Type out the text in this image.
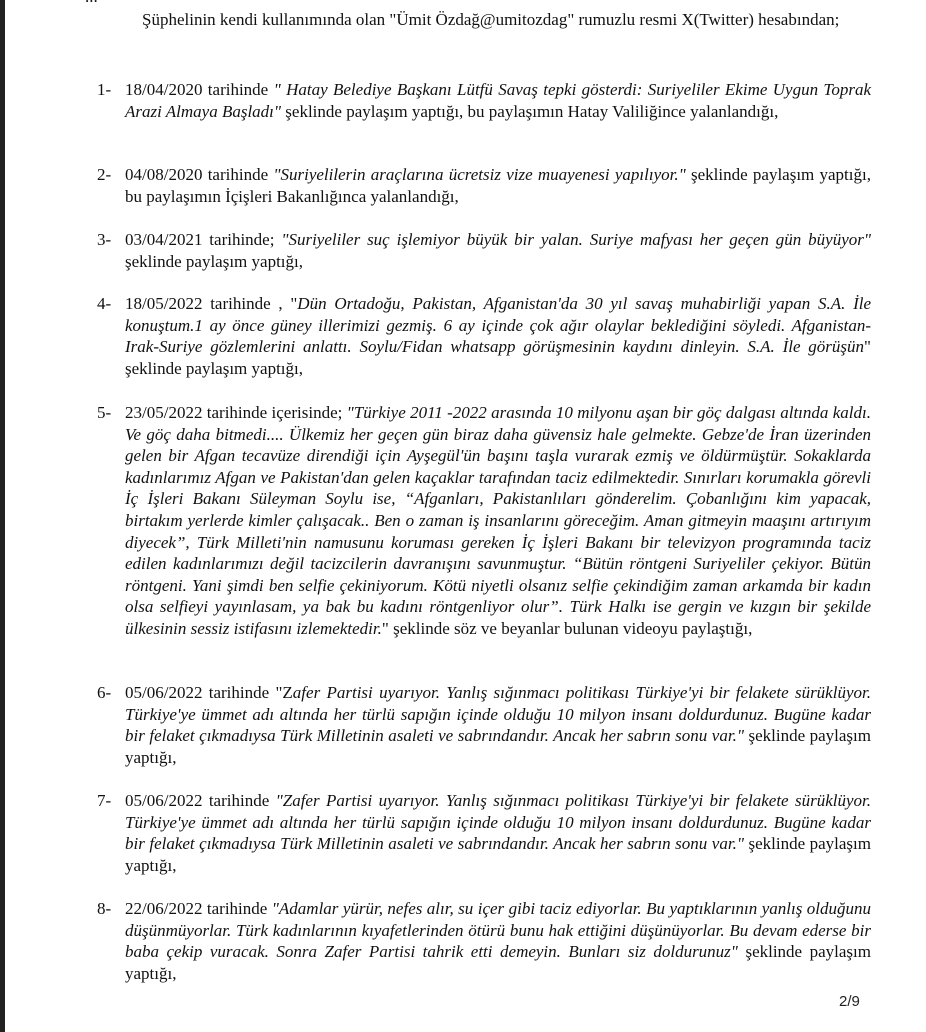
Şüphelinin kendi kullanımında olan "Ümit Özdağ@umitozdag" rumuzlu resmi X(Twitter) hesabından;

1- 18/04/2020 tarihinde " Hatay Belediye Başkanı Lütfü Savaş tepki gösterdi: Suriyeliler Ekime Uygun Toprak Arazi Almaya Başladı" şeklinde paylaşım yaptığı, bu paylaşımın Hatay Valiliğince yalanlandığı,
2- 04/08/2020 tarihinde "Suriyelilerin araçlarına ücretsiz vize muayenesi yapılıyor." şeklinde paylaşım yaptığı, bu paylaşımın İçişleri Bakanlığınca yalanlandığı,
3- 03/04/2021 tarihinde; "Suriyeliler suç işlemiyor büyük bir yalan. Suriye mafyası her geçen gün büyüyor" şeklinde paylaşım yaptığı,
4- 18/05/2022 tarihinde , "Dün Ortadoğu, Pakistan, Afganistan'da 30 yıl savaş muhabirliği yapan S.A. İle konuştum.1 ay önce güney illerimizi gezmiş. 6 ay içinde çok ağır olaylar beklediğini söyledi. Afganistan-Irak-Suriye gözlemlerini anlattı. Soylu/Fidan whatsapp görüşmesinin kaydını dinleyin. S.A. İle görüşün" şeklinde paylaşım yaptığı,
5- 23/05/2022 tarihinde içerisinde; "Türkiye 2011 -2022 arasında 10 milyonu aşan bir göç dalgası altında kaldı. Ve göç daha bitmedi.... Ülkemiz her geçen gün biraz daha güvensiz hale gelmekte. Gebze'de İran üzerinden gelen bir Afgan tecavüze direndiği için Ayşegül'ün başını taşla vurarak ezmiş ve öldürmüştür. Sokaklarda kadınlarımız Afgan ve Pakistan'dan gelen kaçaklar tarafından taciz edilmektedir. Sınırları korumakla görevli İç İşleri Bakanı Süleyman Soylu ise, “Afganları, Pakistanlıları gönderelim. Çobanlığını kim yapacak, birtakım yerlerde kimler çalışacak.. Ben o zaman iş insanlarını göreceğim. Aman gitmeyin maaşını artırıyım diyecek”, Türk Milleti'nin namusunu koruması gereken İç İşleri Bakanı bir televizyon programında taciz edilen kadınlarımızı değil tacizcilerin davranışını savunmuştur. “Bütün röntgeni Suriyeliler çekiyor. Bütün röntgeni. Yani şimdi ben selfie çekiniyorum. Kötü niyetli olsanız selfie çekindiğim zaman arkamda bir kadın olsa selfieyi yayınlasam, ya bak bu kadını röntgenliyor olur”. Türk Halkı ise gergin ve kızgın bir şekilde ülkesinin sessiz istifasını izlemektedir." şeklinde söz ve beyanlar bulunan videoyu paylaştığı,
6- 05/06/2022 tarihinde "Zafer Partisi uyarıyor. Yanlış sığınmacı politikası Türkiye'yi bir felakete sürüklüyor. Türkiye'ye ümmet adı altında her türlü sapığın içinde olduğu 10 milyon insanı doldurdunuz. Bugüne kadar bir felaket çıkmadıysa Türk Milletinin asaleti ve sabrındandır. Ancak her sabrın sonu var." şeklinde paylaşım yaptığı,
7- 05/06/2022 tarihinde "Zafer Partisi uyarıyor. Yanlış sığınmacı politikası Türkiye'yi bir felakete sürüklüyor. Türkiye'ye ümmet adı altında her türlü sapığın içinde olduğu 10 milyon insanı doldurdunuz. Bugüne kadar bir felaket çıkmadıysa Türk Milletinin asaleti ve sabrındandır. Ancak her sabrın sonu var." şeklinde paylaşım yaptığı,
8- 22/06/2022 tarihinde "Adamlar yürür, nefes alır, su içer gibi taciz ediyorlar. Bu yaptıklarının yanlış olduğunu düşünmüyorlar. Türk kadınlarının kıyafetlerinden ötürü bunu hak ettiğini düşünüyorlar. Bu devam ederse bir baba çekip vuracak. Sonra Zafer Partisi tahrik etti demeyin. Bunları siz doldurunuz" şeklinde paylaşım yaptığı,
2/9
